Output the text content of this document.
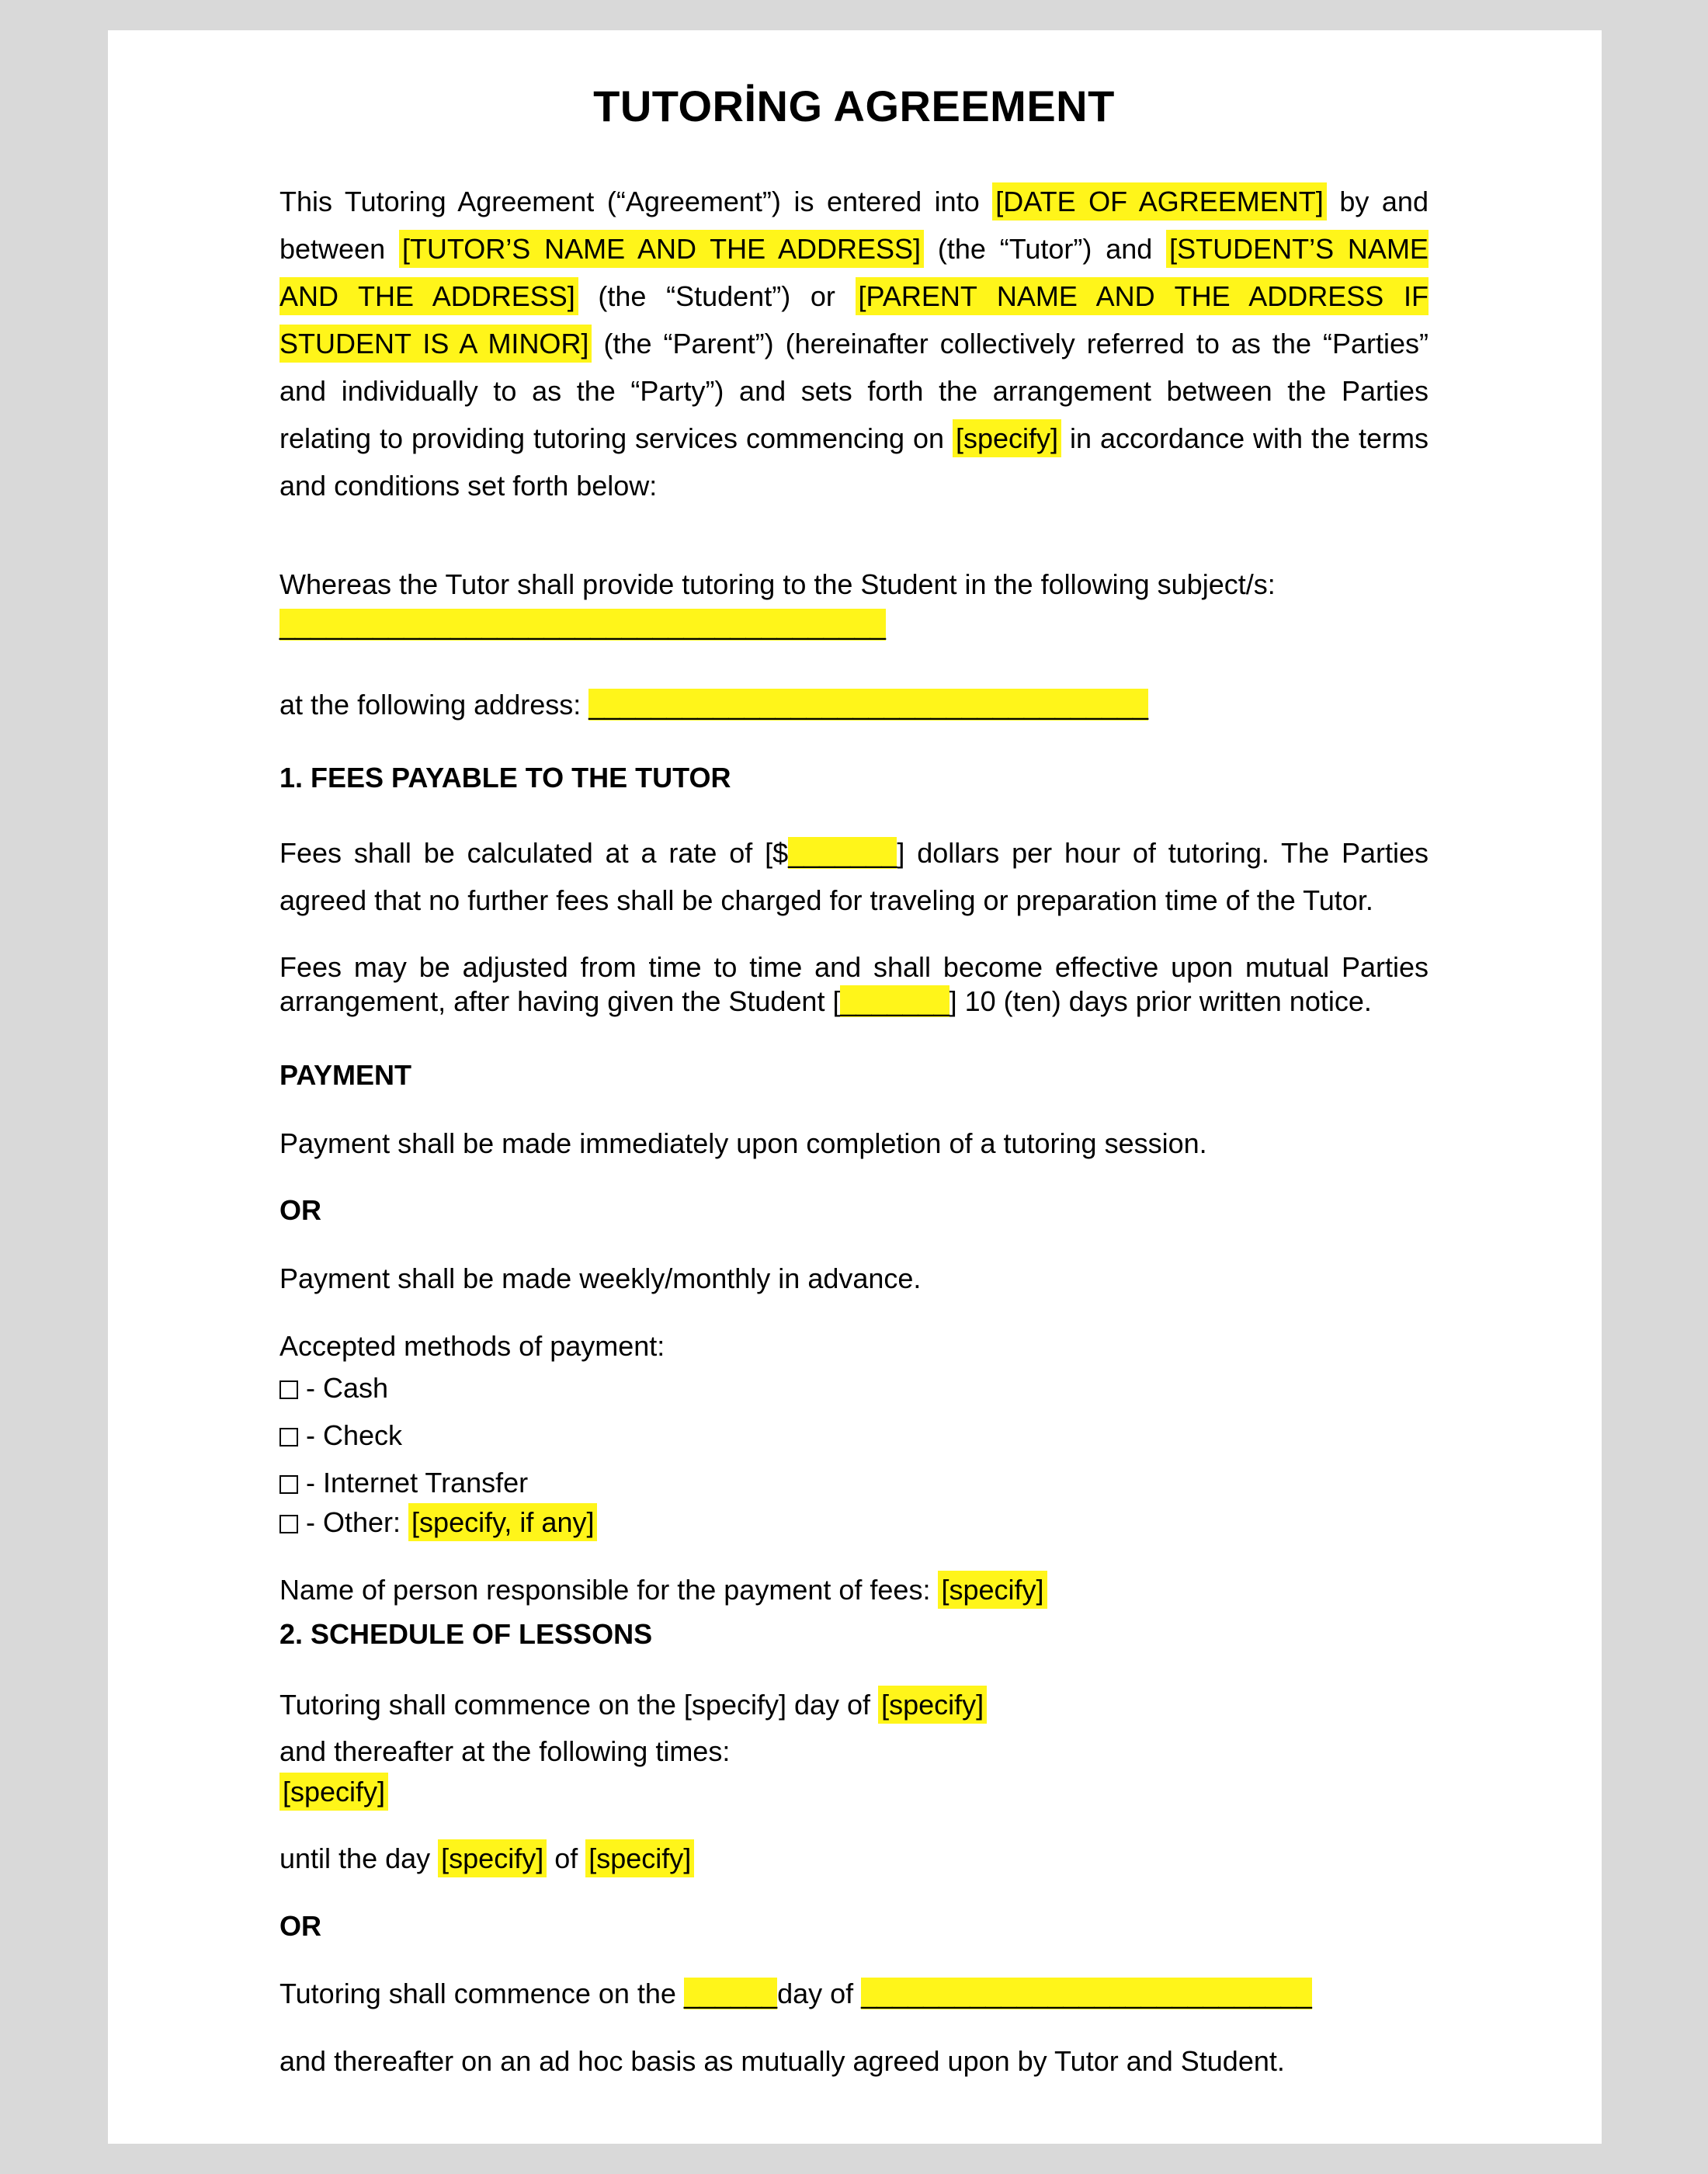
TUTORİNG AGREEMENT
This Tutoring Agreement (“Agreement”) is entered into [DATE OF AGREEMENT] by and between [TUTOR’S NAME AND THE ADDRESS] (the “Tutor”) and [STUDENT’S NAME AND THE ADDRESS] (the “Student”) or [PARENT NAME AND THE ADDRESS IF STUDENT IS A MINOR] (the “Parent”) (hereinafter collectively referred to as the “Parties” and individually to as the “Party”) and sets forth the arrangement between the Parties relating to providing tutoring services commencing on [specify] in accordance with the terms and conditions set forth below:
Whereas the Tutor shall provide tutoring to the Student in the following subject/s:
_______________________________________
at the following address: ____________________________________
1. FEES PAYABLE TO THE TUTOR
Fees shall be calculated at a rate of [$_______] dollars per hour of tutoring. The Parties agreed that no further fees shall be charged for traveling or preparation time of the Tutor.
Fees may be adjusted from time to time and shall become effective upon mutual Parties
arrangement, after having given the Student [_______] 10 (ten) days prior written notice.
PAYMENT
Payment shall be made immediately upon completion of a tutoring session.
OR
Payment shall be made weekly/monthly in advance.
Accepted methods of payment:
- Cash
- Check
- Internet Transfer
- Other: [specify, if any]
Name of person responsible for the payment of fees: [specify]
2. SCHEDULE OF LESSONS
Tutoring shall commence on the [specify] day of [specify]
and thereafter at the following times:
[specify]
until the day [specify] of [specify]
OR
Tutoring shall commence on the ______day of _____________________________
and thereafter on an ad hoc basis as mutually agreed upon by Tutor and Student.
